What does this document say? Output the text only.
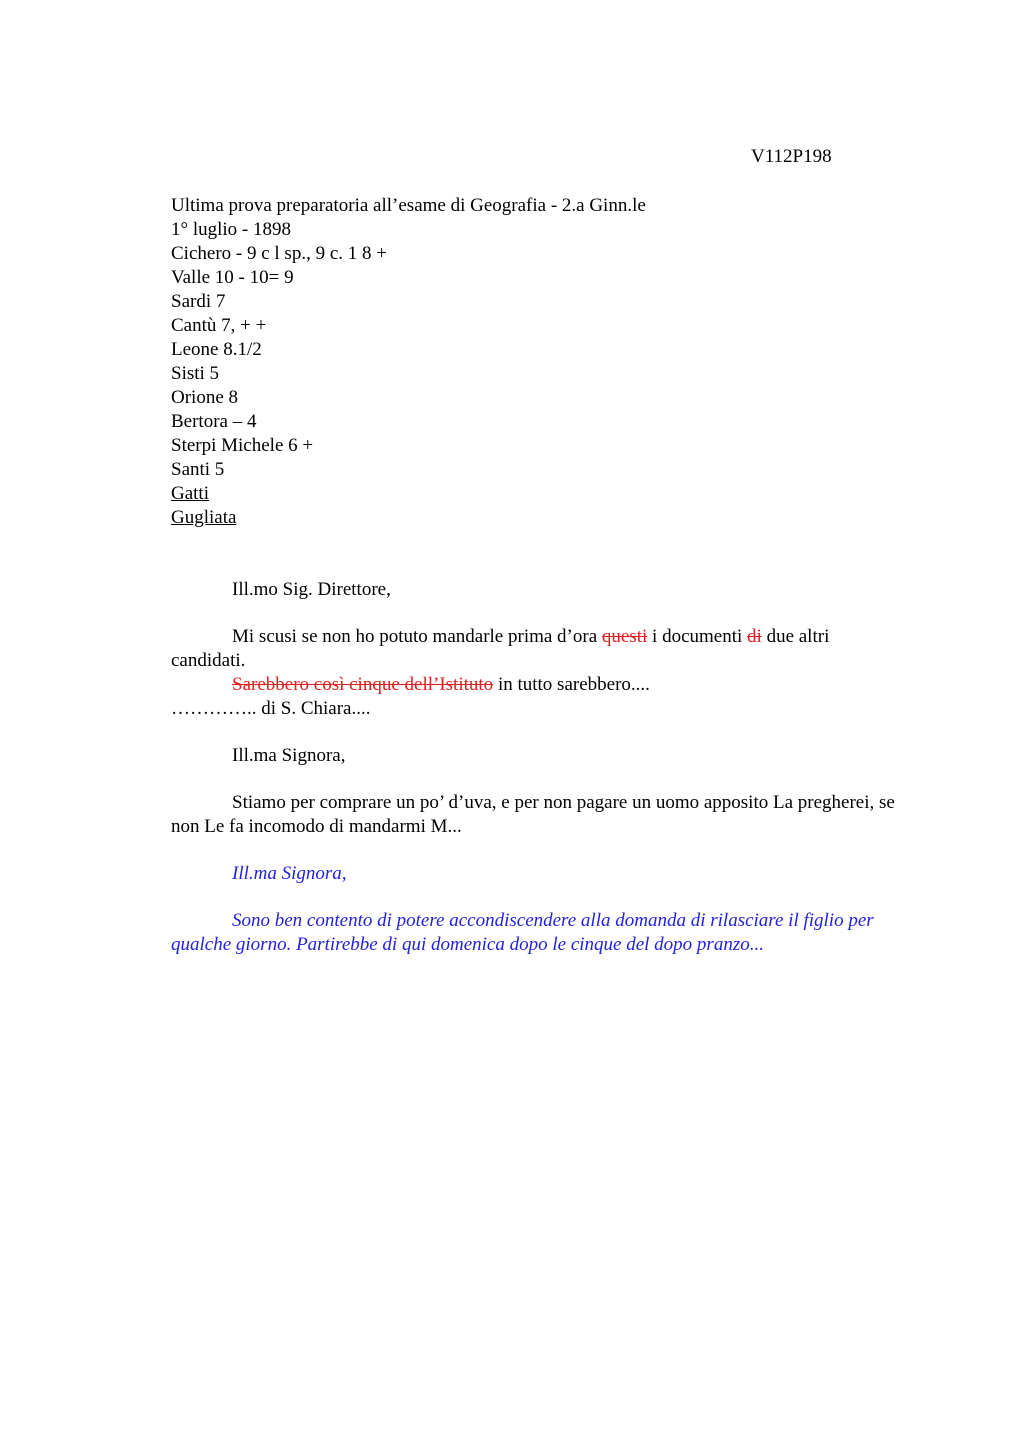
V112P198

Ultima prova preparatoria all’esame di Geografia - 2.a Ginn.le

1° luglio - 1898

Cichero - 9 c l sp., 9 c. 1 8 +

Valle 10 - 10= 9

Sardi 7

Cantù 7, + +

Leone 8.1/2

Sisti 5

Orione 8

Bertora – 4

Sterpi Michele 6 +

Santi 5

Gatti

Gugliata

Ill.mo Sig. Direttore,

Mi scusi se non ho potuto mandarle prima d’ora questi i documenti di due altri candidati.

Sarebbero così cinque dell’Istituto in tutto sarebbero....

………….. di S. Chiara....

Ill.ma Signora,

Stiamo per comprare un po’ d’uva, e per non pagare un uomo apposito La pregherei, se non Le fa incomodo di mandarmi M...

Ill.ma Signora,

Sono ben contento di potere accondiscendere alla domanda di rilasciare il figlio per qualche giorno. Partirebbe di qui domenica dopo le cinque del dopo pranzo...
